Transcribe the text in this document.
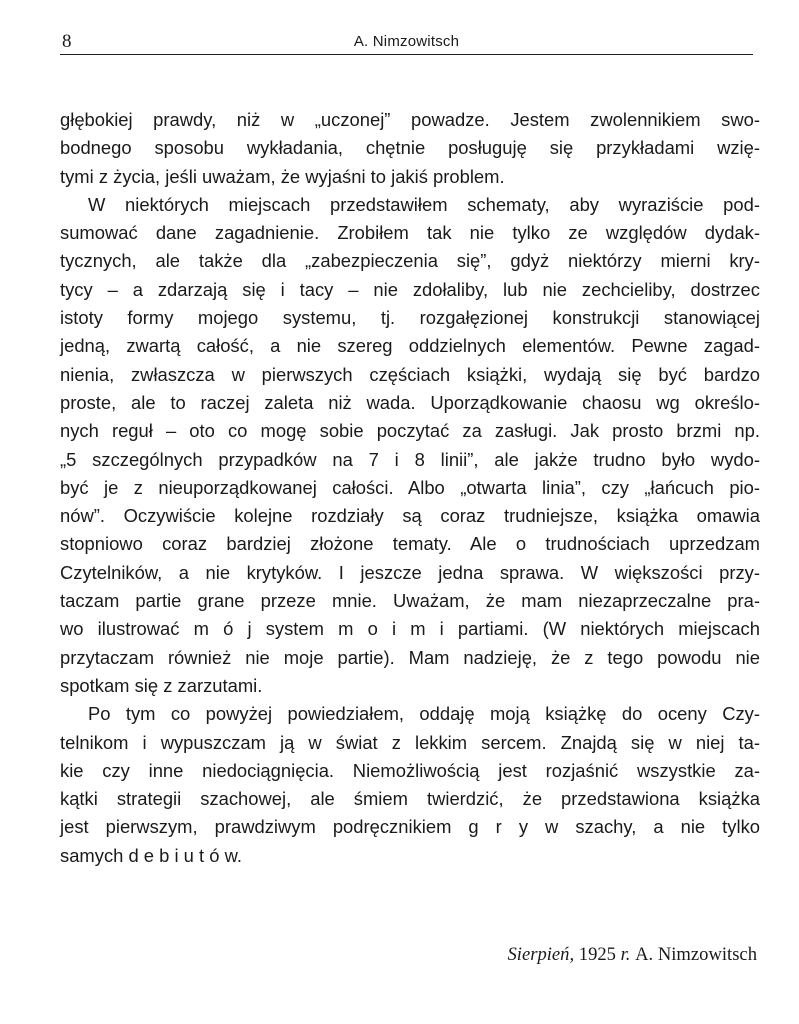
8	A. Nimzowitsch
głębokiej prawdy, niż w „uczonej” powadze. Jestem zwolennikiem swo-
bodnego sposobu wykładania, chętnie posługuję się przykładami wzię-
tymi z życia, jeśli uważam, że wyjaśni to jakiś problem.
W niektórych miejscach przedstawiłem schematy, aby wyraziście pod-
sumować dane zagadnienie. Zrobiłem tak nie tylko ze względów dydak-
tycznych, ale także dla „zabezpieczenia się”, gdyż niektórzy mierni kry-
tycy – a zdarzają się i tacy – nie zdołaliby, lub nie zechcieliby, dostrzec
istoty formy mojego systemu, tj. rozgałęzionej konstrukcji stanowiącej
jedną, zwartą całość, a nie szereg oddzielnych elementów. Pewne zagad-
nienia, zwłaszcza w pierwszych częściach książki, wydają się być bardzo
proste, ale to raczej zaleta niż wada. Uporządkowanie chaosu wg określo-
nych reguł – oto co mogę sobie poczytać za zasługi. Jak prosto brzmi np.
„5 szczególnych przypadków na 7 i 8 linii”, ale jakże trudno było wydo-
być je z nieuporządkowanej całości. Albo „otwarta linia”, czy „łańcuch pio-
nów”. Oczywiście kolejne rozdziały są coraz trudniejsze, książka omawia
stopniowo coraz bardziej złożone tematy. Ale o trudnościach uprzedzam
Czytelników, a nie krytyków. I jeszcze jedna sprawa. W większości przy-
taczam partie grane przeze mnie. Uważam, że mam niezaprzeczalne pra-
wo ilustrować m ó j system m o i m i partiami. (W niektórych miejscach
przytaczam również nie moje partie). Mam nadzieję, że z tego powodu nie
spotkam się z zarzutami.
Po tym co powyżej powiedziałem, oddaję moją książkę do oceny Czy-
telnikom i wypuszczam ją w świat z lekkim sercem. Znajdą się w niej ta-
kie czy inne niedociągnięcia. Niemożliwością jest rozjaśnić wszystkie za-
kątki strategii szachowej, ale śmiem twierdzić, że przedstawiona książka
jest pierwszym, prawdziwym podręcznikiem g r y w szachy, a nie tylko
samych d e b i u t ó w.
Sierpień, 1925 r. A. Nimzowitsch
